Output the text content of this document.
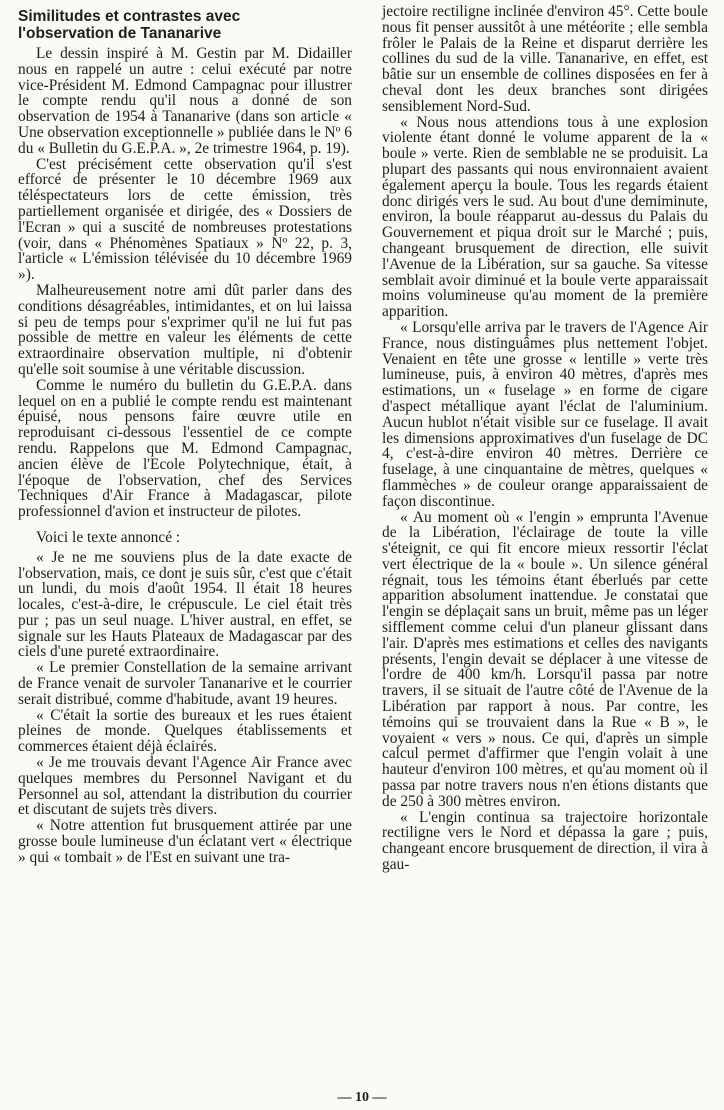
Similitudes et contrastes avec
l'observation de Tananarive

Le dessin inspiré à M. Gestin par M. Didailler nous en rappelé un autre : celui exécuté par notre vice-Président M. Edmond Campagnac pour illustrer le compte rendu qu'il nous a donné de son observation de 1954 à Tananarive (dans son article « Une observation exceptionnelle » publiée dans le Nº 6 du « Bulletin du G.E.P.A. », 2e trimestre 1964, p. 19).

C'est précisément cette observation qu'il s'est efforcé de présenter le 10 décembre 1969 aux téléspectateurs lors de cette émission, très partiellement organisée et dirigée, des « Dossiers de l'Ecran » qui a suscité de nombreuses protestations (voir, dans « Phénomènes Spatiaux » Nº 22, p. 3, l'article « L'émission télévisée du 10 décembre 1969 »).

Malheureusement notre ami dût parler dans des conditions désagréables, intimidantes, et on lui laissa si peu de temps pour s'exprimer qu'il ne lui fut pas possible de mettre en valeur les éléments de cette extraordinaire observation multiple, ni d'obtenir qu'elle soit soumise à une véritable discussion.

Comme le numéro du bulletin du G.E.P.A. dans lequel on en a publié le compte rendu est maintenant épuisé, nous pensons faire œuvre utile en reproduisant ci-dessous l'essentiel de ce compte rendu. Rappelons que M. Edmond Campagnac, ancien élève de l'Ecole Polytechnique, était, à l'époque de l'observation, chef des Services Techniques d'Air France à Madagascar, pilote professionnel d'avion et instructeur de pilotes.

Voici le texte annoncé :

« Je ne me souviens plus de la date exacte de l'observation, mais, ce dont je suis sûr, c'est que c'était un lundi, du mois d'août 1954. Il était 18 heures locales, c'est-à-dire, le crépuscule. Le ciel était très pur ; pas un seul nuage. L'hiver austral, en effet, se signale sur les Hauts Plateaux de Madagascar par des ciels d'une pureté extraordinaire.

« Le premier Constellation de la semaine arrivant de France venait de survoler Tananarive et le courrier serait distribué, comme d'habitude, avant 19 heures.

« C'était la sortie des bureaux et les rues étaient pleines de monde. Quelques établissements et commerces étaient déjà éclairés.

« Je me trouvais devant l'Agence Air France avec quelques membres du Personnel Navigant et du Personnel au sol, attendant la distribution du courrier et discutant de sujets très divers.

« Notre attention fut brusquement attirée par une grosse boule lumineuse d'un éclatant vert « électrique » qui « tombait » de l'Est en suivant une tra-

jectoire rectiligne inclinée d'environ 45°. Cette boule nous fit penser aussitôt à une météorite ; elle sembla frôler le Palais de la Reine et disparut derrière les collines du sud de la ville. Tananarive, en effet, est bâtie sur un ensemble de collines disposées en fer à cheval dont les deux branches sont dirigées sensiblement Nord-Sud.

« Nous nous attendions tous à une explosion violente étant donné le volume apparent de la « boule » verte. Rien de semblable ne se produisit. La plupart des passants qui nous environnaient avaient également aperçu la boule. Tous les regards étaient donc dirigés vers le sud. Au bout d'une demiminute, environ, la boule réapparut au-dessus du Palais du Gouvernement et piqua droit sur le Marché ; puis, changeant brusquement de direction, elle suivit l'Avenue de la Libération, sur sa gauche. Sa vitesse semblait avoir diminué et la boule verte apparaissait moins volumineuse qu'au moment de la première apparition.

« Lorsqu'elle arriva par le travers de l'Agence Air France, nous distinguâmes plus nettement l'objet. Venaient en tête une grosse « lentille » verte très lumineuse, puis, à environ 40 mètres, d'après mes estimations, un « fuselage » en forme de cigare d'aspect métallique ayant l'éclat de l'aluminium. Aucun hublot n'était visible sur ce fuselage. Il avait les dimensions approximatives d'un fuselage de DC 4, c'est-à-dire environ 40 mètres. Derrière ce fuselage, à une cinquantaine de mètres, quelques « flammèches » de couleur orange apparaissaient de façon discontinue.

« Au moment où « l'engin » emprunta l'Avenue de la Libération, l'éclairage de toute la ville s'éteignit, ce qui fit encore mieux ressortir l'éclat vert électrique de la « boule ». Un silence général régnait, tous les témoins étant éberlués par cette apparition absolument inattendue. Je constatai que l'engin se déplaçait sans un bruit, même pas un léger sifflement comme celui d'un planeur glissant dans l'air. D'après mes estimations et celles des navigants présents, l'engin devait se déplacer à une vitesse de l'ordre de 400 km/h. Lorsqu'il passa par notre travers, il se situait de l'autre côté de l'Avenue de la Libération par rapport à nous. Par contre, les témoins qui se trouvaient dans la Rue « B », le voyaient « vers » nous. Ce qui, d'après un simple calcul permet d'affirmer que l'engin volait à une hauteur d'environ 100 mètres, et qu'au moment où il passa par notre travers nous n'en étions distants que de 250 à 300 mètres environ.

« L'engin continua sa trajectoire horizontale rectiligne vers le Nord et dépassa la gare ; puis, changeant encore brusquement de direction, il vira à gau-

— 10 —
